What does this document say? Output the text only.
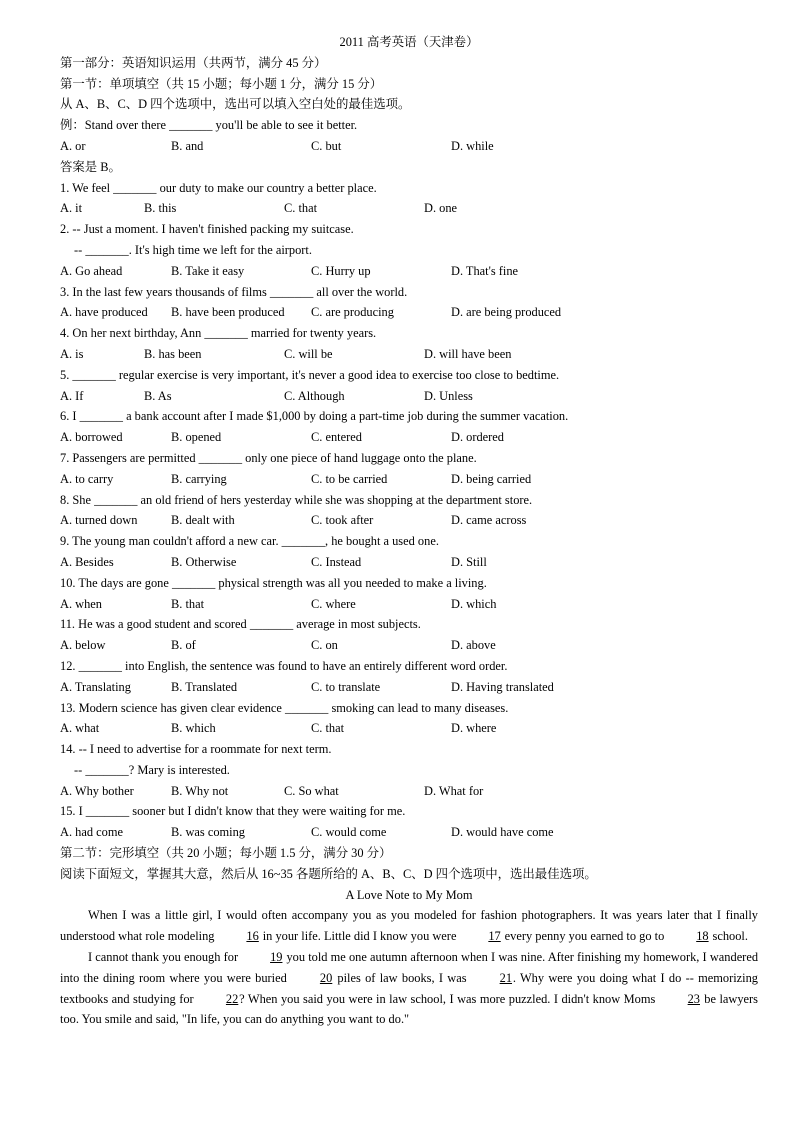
2011 高考英语（天津卷）
第一部分：英语知识运用（共两节，满分 45 分）
第一节：单项填空（共 15 小题；每小题 1 分，满分 15 分）
从 A、B、C、D 四个选项中，选出可以填入空白处的最佳选项。
例：Stand over there _______ you'll be able to see it better.
A. or	B. and	C. but	D. while
答案是 B。
1. We feel _______ our duty to make our country a better place.
A. it	B. this	C. that	D. one
2. -- Just a moment. I haven't finished packing my suitcase.
-- _______. It's high time we left for the airport.
A. Go ahead	B. Take it easy	C. Hurry up	D. That's fine
3. In the last few years thousands of films _______ all over the world.
A. have produced B. have been produced C. are producing	D. are being produced
4. On her next birthday, Ann _______ married for twenty years.
A. is	B. has been	C. will be	D. will have been
5. _______ regular exercise is very important, it's never a good idea to exercise too close to bedtime.
A. If	B. As	C. Although	D. Unless
6. I _______ a bank account after I made $1,000 by doing a part-time job during the summer vacation.
A. borrowed	B. opened	C. entered	D. ordered
7. Passengers are permitted _______ only one piece of hand luggage onto the plane.
A. to carry	B. carrying	C. to be carried	D. being carried
8. She _______ an old friend of hers yesterday while she was shopping at the department store.
A. turned down	B. dealt with	C. took after	D. came across
9. The young man couldn't afford a new car. _______, he bought a used one.
A. Besides	B. Otherwise	C. Instead	D. Still
10. The days are gone _______ physical strength was all you needed to make a living.
A. when	B. that	C. where	D. which
11. He was a good student and scored _______ average in most subjects.
A. below	B. of	C. on	D. above
12. _______ into English, the sentence was found to have an entirely different word order.
A. Translating	B. Translated	C. to translate	D. Having translated
13. Modern science has given clear evidence _______ smoking can lead to many diseases.
A. what	B. which	C. that	D. where
14. -- I need to advertise for a roommate for next term.
-- _______? Mary is interested.
A. Why bother	B. Why not	C. So what	D. What for
15. I _______ sooner but I didn't know that they were waiting for me.
A. had come	B. was coming	C. would come	D. would have come
第二节：完形填空（共 20 小题；每小题 1.5 分，满分 30 分）
阅读下面短文，掌握其大意，然后从 16~35 各题所给的 A、B、C、D 四个选项中，选出最佳选项。
A Love Note to My Mom

When I was a little girl, I would often accompany you as you modeled for fashion photographers. It was years later that I finally understood what role modeling 16 in your life. Little did I know you were 17 every penny you earned to go to 18 school.

I cannot thank you enough for 19 you told me one autumn afternoon when I was nine. After finishing my homework, I wandered into the dining room where you were buried 20 piles of law books, I was 21. Why were you doing what I do -- memorizing textbooks and studying for 22? When you said you were in law school, I was more puzzled. I didn't know Moms 23 be lawyers too. You smile and said, "In life, you can do anything you want to do."
